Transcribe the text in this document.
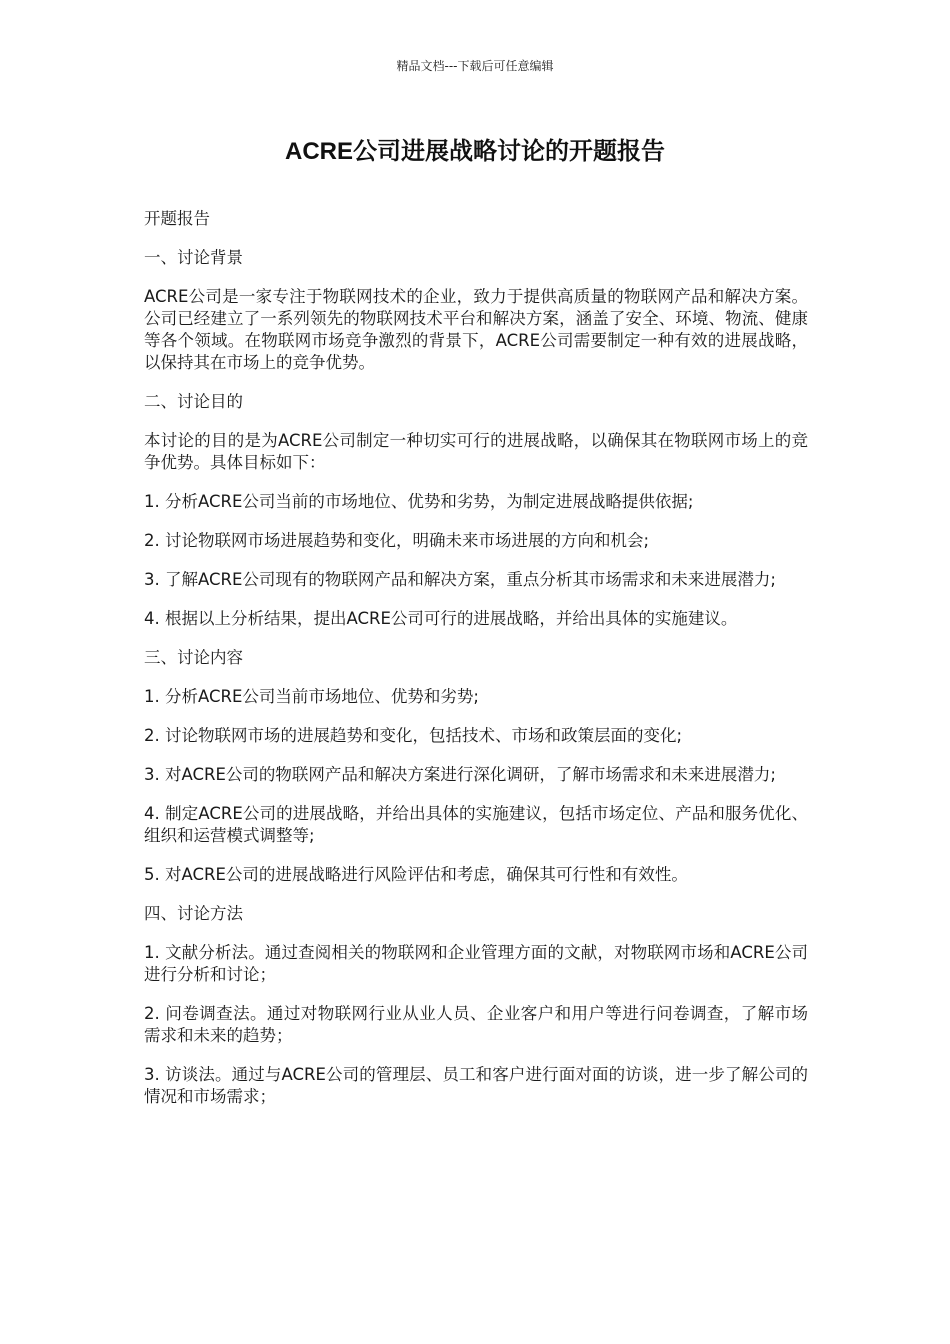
精品文档---下载后可任意编辑
ACRE公司进展战略讨论的开题报告

开题报告

一、讨论背景

ACRE公司是一家专注于物联网技术的企业，致力于提供高质量的物联网产品和解决方案。公司已经建立了一系列领先的物联网技术平台和解决方案，涵盖了安全、环境、物流、健康等各个领域。在物联网市场竞争激烈的背景下，ACRE公司需要制定一种有效的进展战略，以保持其在市场上的竞争优势。

二、讨论目的

本讨论的目的是为ACRE公司制定一种切实可行的进展战略，以确保其在物联网市场上的竞争优势。具体目标如下：

1. 分析ACRE公司当前的市场地位、优势和劣势，为制定进展战略提供依据;

2. 讨论物联网市场进展趋势和变化，明确未来市场进展的方向和机会;

3. 了解ACRE公司现有的物联网产品和解决方案，重点分析其市场需求和未来进展潜力;

4. 根据以上分析结果，提出ACRE公司可行的进展战略，并给出具体的实施建议。

三、讨论内容

1. 分析ACRE公司当前市场地位、优势和劣势;

2. 讨论物联网市场的进展趋势和变化，包括技术、市场和政策层面的变化;

3. 对ACRE公司的物联网产品和解决方案进行深化调研，了解市场需求和未来进展潜力;

4. 制定ACRE公司的进展战略，并给出具体的实施建议，包括市场定位、产品和服务优化、组织和运营模式调整等;

5. 对ACRE公司的进展战略进行风险评估和考虑，确保其可行性和有效性。

四、讨论方法

1. 文献分析法。通过查阅相关的物联网和企业管理方面的文献，对物联网市场和ACRE公司进行分析和讨论；

2. 问卷调查法。通过对物联网行业从业人员、企业客户和用户等进行问卷调查，了解市场需求和未来的趋势；

3. 访谈法。通过与ACRE公司的管理层、员工和客户进行面对面的访谈，进一步了解公司的情况和市场需求；
